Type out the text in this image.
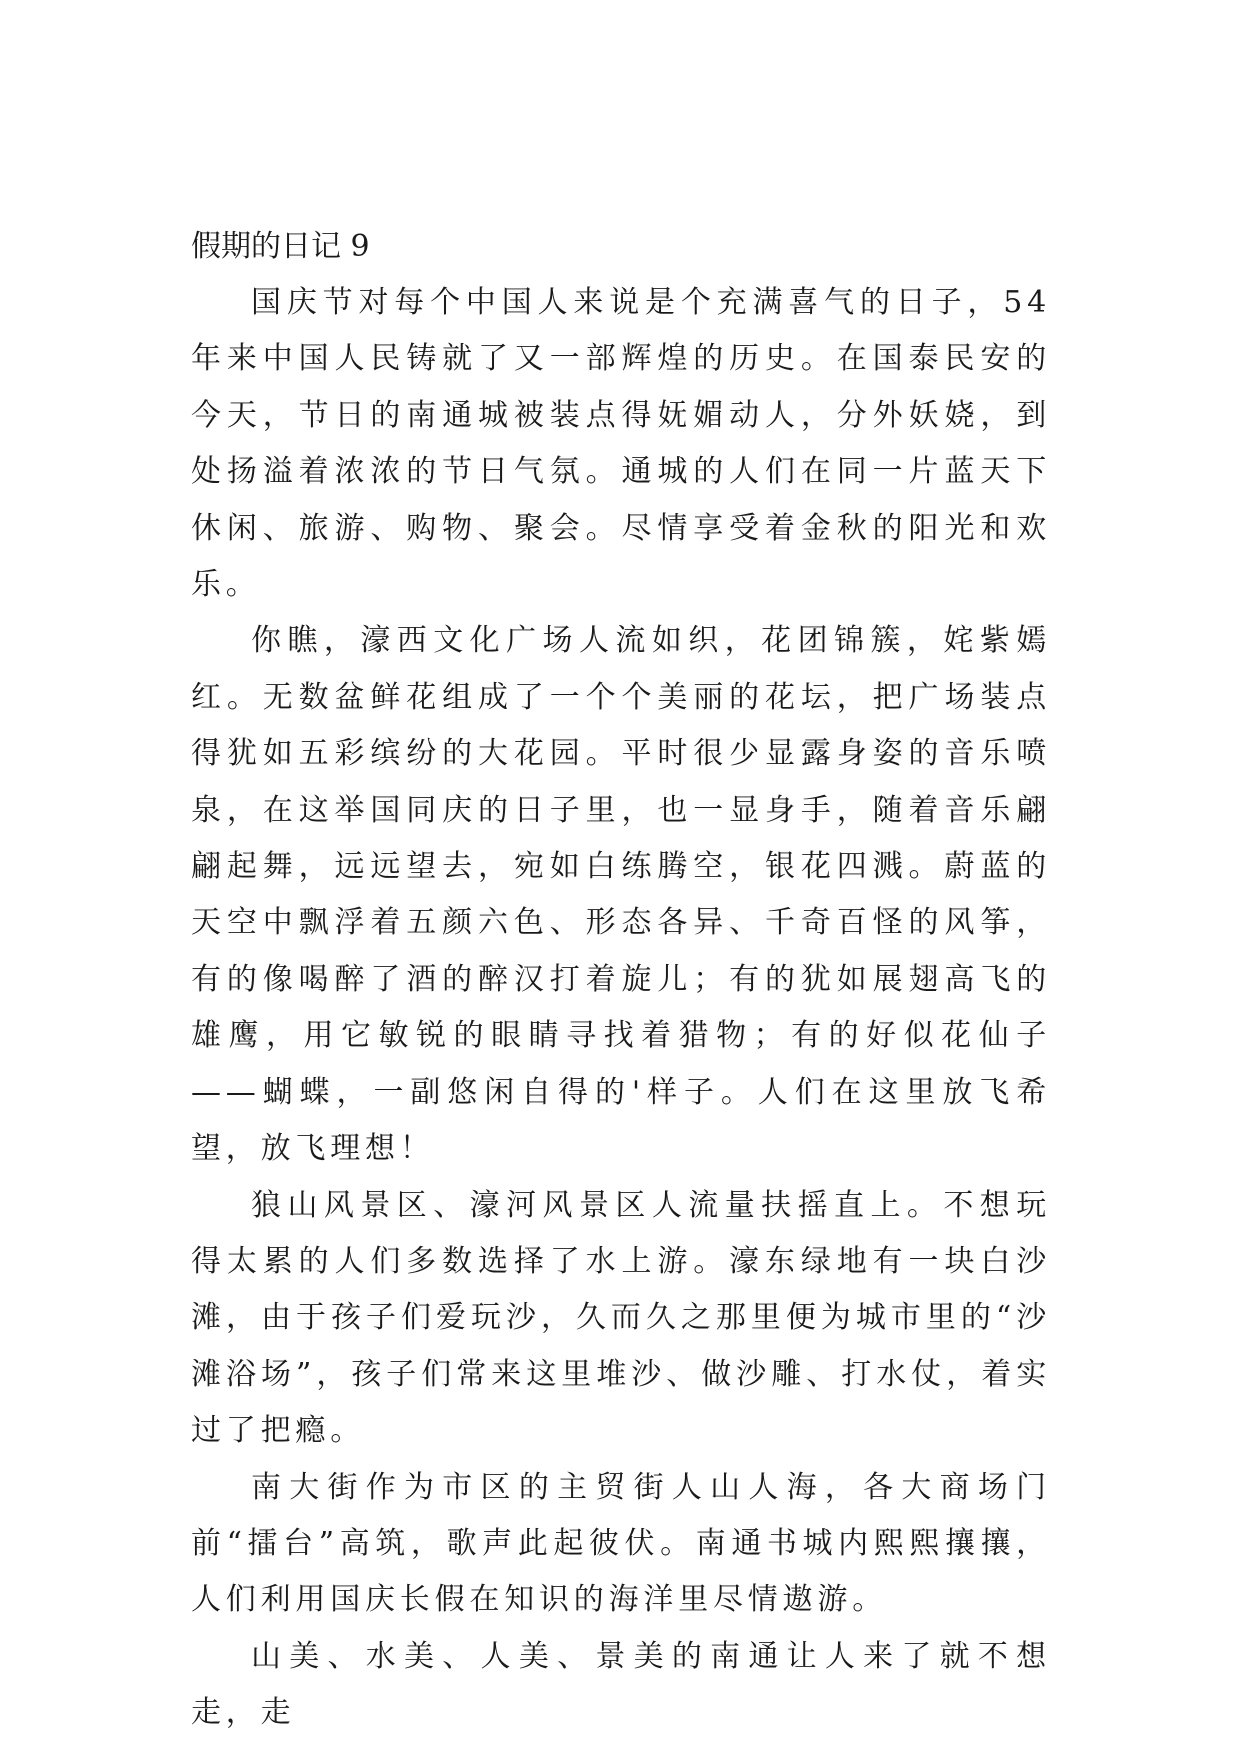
假期的日记 9

国庆节对每个中国人来说是个充满喜气的日子，54 年来中国人民铸就了又一部辉煌的历史。在国泰民安的今天，节日的南通城被装点得妩媚动人，分外妖娆，到处扬溢着浓浓的节日气氛。通城的人们在同一片蓝天下休闲、旅游、购物、聚会。尽情享受着金秋的阳光和欢乐。

你瞧，濠西文化广场人流如织，花团锦簇，姹紫嫣红。无数盆鲜花组成了一个个美丽的花坛，把广场装点得犹如五彩缤纷的大花园。平时很少显露身姿的音乐喷泉，在这举国同庆的日子里，也一显身手，随着音乐翩翩起舞，远远望去，宛如白练腾空，银花四溅。蔚蓝的天空中飘浮着五颜六色、形态各异、千奇百怪的风筝，有的像喝醉了酒的醉汉打着旋儿；有的犹如展翅高飞的雄鹰，用它敏锐的眼睛寻找着猎物；有的好似花仙子——蝴蝶，一副悠闲自得的'样子。人们在这里放飞希望，放飞理想！

狼山风景区、濠河风景区人流量扶摇直上。不想玩得太累的人们多数选择了水上游。濠东绿地有一块白沙滩，由于孩子们爱玩沙，久而久之那里便为城市里的“沙滩浴场”，孩子们常来这里堆沙、做沙雕、打水仗，着实过了把瘾。

南大街作为市区的主贸街人山人海，各大商场门前“擂台”高筑，歌声此起彼伏。南通书城内熙熙攘攘，人们利用国庆长假在知识的海洋里尽情遨游。

山美、水美、人美、景美的南通让人来了就不想走，走
